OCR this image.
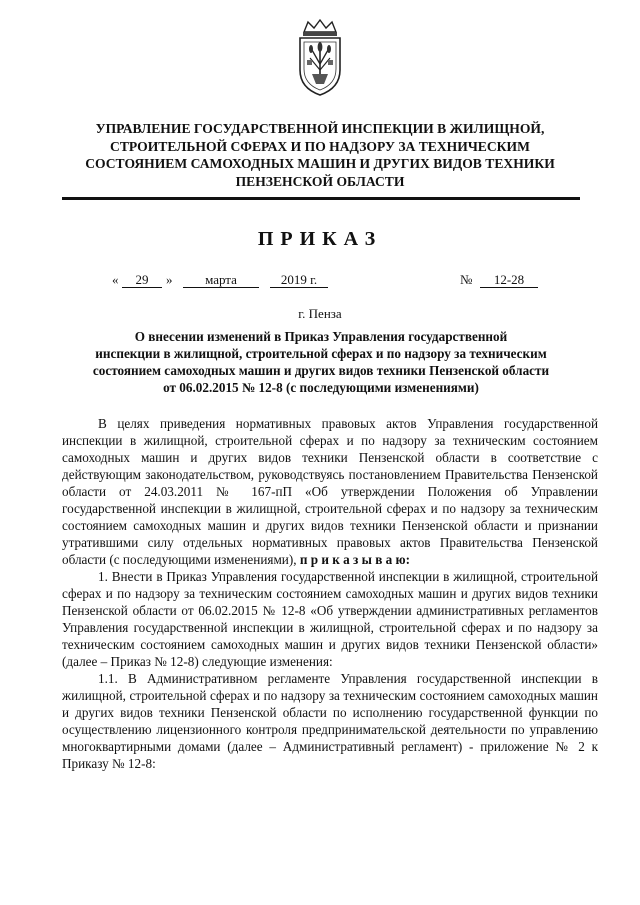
УПРАВЛЕНИЕ ГОСУДАРСТВЕННОЙ ИНСПЕКЦИИ В ЖИЛИЩНОЙ,
СТРОИТЕЛЬНОЙ СФЕРАХ И ПО НАДЗОРУ ЗА ТЕХНИЧЕСКИМ
СОСТОЯНИЕМ САМОХОДНЫХ МАШИН И ДРУГИХ ВИДОВ ТЕХНИКИ
ПЕНЗЕНСКОЙ ОБЛАСТИ
ПРИКАЗ
«	29	»	марта	2019 г.	№	12-28
г. Пенза
О внесении изменений в Приказ Управления государственной
инспекции в жилищной, строительной сферах и по надзору за техническим
состоянием самоходных машин и других видов техники Пензенской области
от 06.02.2015 № 12-8 (с последующими изменениями)

В целях приведения нормативных правовых актов Управления государственной инспекции в жилищной, строительной сферах и по надзору за техническим состоянием самоходных машин и других видов техники Пензенской области в соответствие с действующим законодательством, руководствуясь постановлением Правительства Пензенской области от 24.03.2011 № 167-пП «Об утверждении Положения об Управлении государственной инспекции в жилищной, строительной сферах и по надзору за техническим состоянием самоходных машин и других видов техники Пензенской области и признании утратившими силу отдельных нормативных правовых актов Правительства Пензенской области (с последующими изменениями), п р и к а з ы в а ю:

1. Внести в Приказ Управления государственной инспекции в жилищной, строительной сферах и по надзору за техническим состоянием самоходных машин и других видов техники Пензенской области от 06.02.2015 № 12-8 «Об утверждении административных регламентов Управления государственной инспекции в жилищной, строительной сферах и по надзору за техническим состоянием самоходных машин и других видов техники Пензенской области» (далее – Приказ № 12-8) следующие изменения:

1.1. В Административном регламенте Управления государственной инспекции в жилищной, строительной сферах и по надзору за техническим состоянием самоходных машин и других видов техники Пензенской области по исполнению государственной функции по осуществлению лицензионного контроля предпринимательской деятельности по управлению многоквартирными домами (далее – Административный регламент) - приложение № 2 к Приказу № 12-8:
